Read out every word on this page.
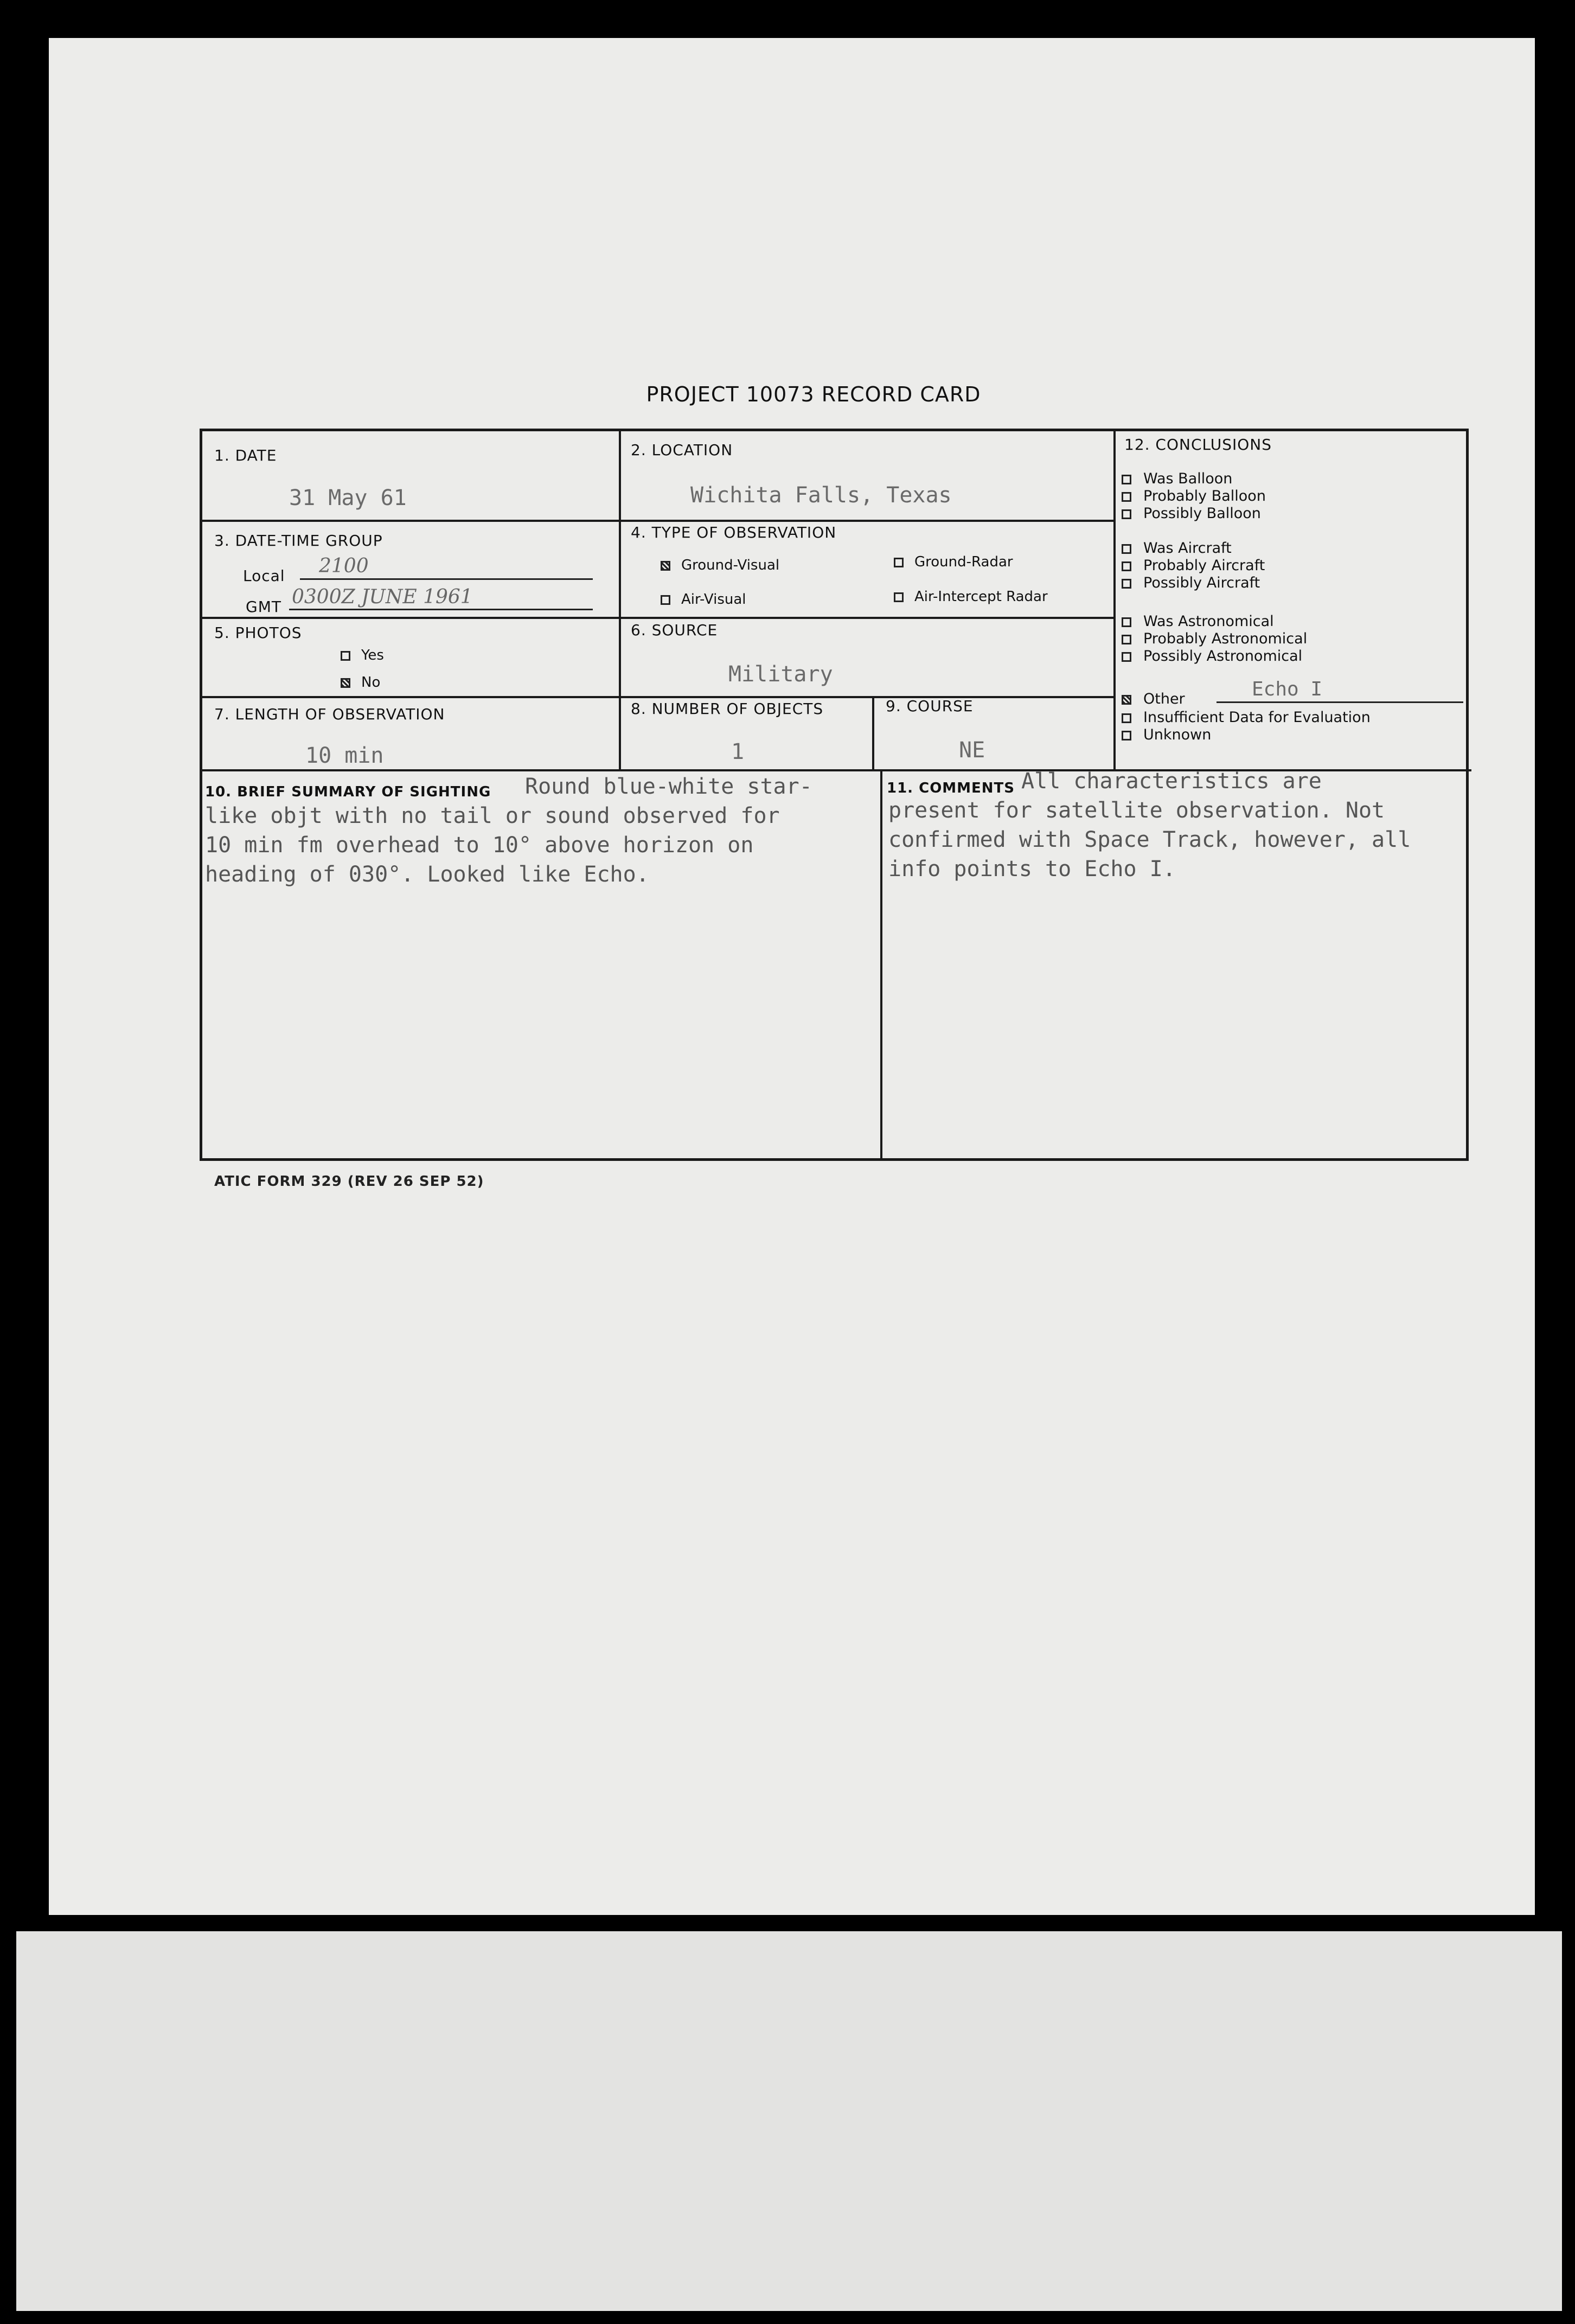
PROJECT 10073 RECORD CARD
1. DATE
31 May 61
2. LOCATION
Wichita Falls, Texas
3. DATE-TIME GROUP
Local 2100
GMT 0300Z JUNE 1961
4. TYPE OF OBSERVATION
Ground-Visual	Ground-Radar
Air-Visual	Air-Intercept Radar
5. PHOTOS
Yes
No
6. SOURCE
Military
7. LENGTH OF OBSERVATION
10 min
8. NUMBER OF OBJECTS
1
9. COURSE
NE
12. CONCLUSIONS
Was Balloon
Probably Balloon
Possibly Balloon
Was Aircraft
Probably Aircraft
Possibly Aircraft
Was Astronomical
Probably Astronomical
Possibly Astronomical
Other	Echo I
Insufficient Data for Evaluation
Unknown
10. BRIEF SUMMARY OF SIGHTING Round blue-white star-
like objt with no tail or sound observed for
10 min fm overhead to 10° above horizon on
heading of 030°. Looked like Echo.
11. COMMENTS All characteristics are
present for satellite observation. Not
confirmed with Space Track, however, all
info points to Echo I.
ATIC FORM 329 (REV 26 SEP 52)
